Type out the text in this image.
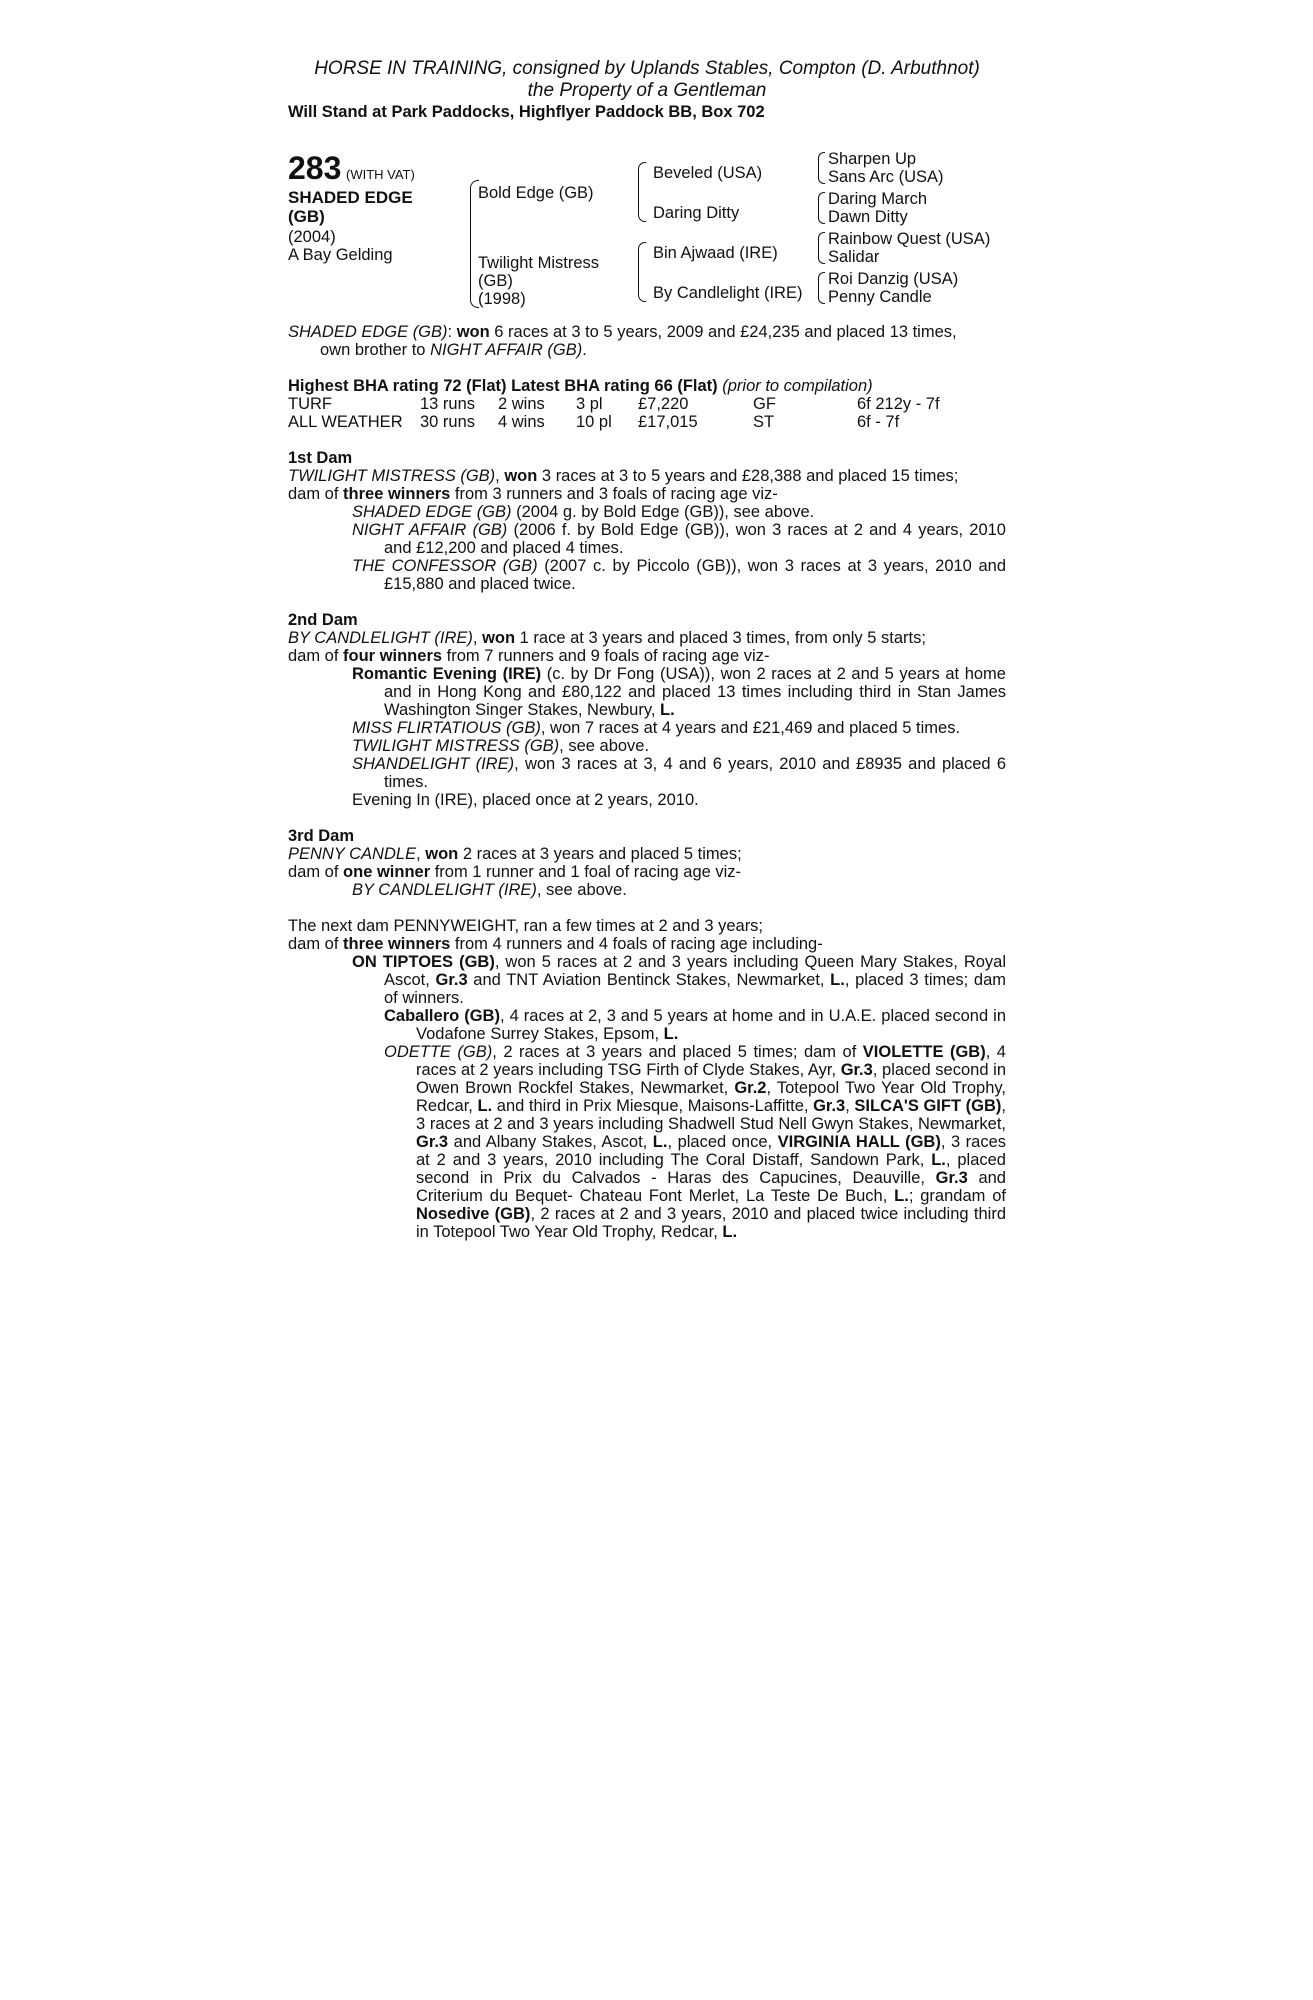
HORSE IN TRAINING, consigned by Uplands Stables, Compton (D. Arbuthnot)
the Property of a Gentleman
Will Stand at Park Paddocks, Highflyer Paddock BB, Box 702
283 (WITH VAT)
SHADED EDGE (GB)
(2004)
A Bay Gelding
Bold Edge (GB)
Twilight Mistress
(GB)
(1998)
Beveled (USA)
Daring Ditty
Bin Ajwaad (IRE)
By Candlelight (IRE)
Sharpen Up
Sans Arc (USA)
Daring March
Dawn Ditty
Rainbow Quest (USA)
Salidar
Roi Danzig (USA)
Penny Candle
SHADED EDGE (GB): won 6 races at 3 to 5 years, 2009 and £24,235 and placed 13 times,
own brother to NIGHT AFFAIR (GB).
Highest BHA rating 72 (Flat) Latest BHA rating 66 (Flat) (prior to compilation)
TURF	13 runs	2 wins	3 pl	£7,220	GF	6f 212y - 7f
ALL WEATHER	30 runs	4 wins	10 pl	£17,015	ST	6f - 7f
1st Dam
TWILIGHT MISTRESS (GB), won 3 races at 3 to 5 years and £28,388 and placed 15 times;
dam of three winners from 3 runners and 3 foals of racing age viz-
SHADED EDGE (GB) (2004 g. by Bold Edge (GB)), see above.
NIGHT AFFAIR (GB) (2006 f. by Bold Edge (GB)), won 3 races at 2 and 4 years, 2010 and £12,200 and placed 4 times.
THE CONFESSOR (GB) (2007 c. by Piccolo (GB)), won 3 races at 3 years, 2010 and £15,880 and placed twice.
2nd Dam
BY CANDLELIGHT (IRE), won 1 race at 3 years and placed 3 times, from only 5 starts;
dam of four winners from 7 runners and 9 foals of racing age viz-
Romantic Evening (IRE) (c. by Dr Fong (USA)), won 2 races at 2 and 5 years at home and in Hong Kong and £80,122 and placed 13 times including third in Stan James Washington Singer Stakes, Newbury, L.
MISS FLIRTATIOUS (GB), won 7 races at 4 years and £21,469 and placed 5 times.
TWILIGHT MISTRESS (GB), see above.
SHANDELIGHT (IRE), won 3 races at 3, 4 and 6 years, 2010 and £8935 and placed 6 times.
Evening In (IRE), placed once at 2 years, 2010.
3rd Dam
PENNY CANDLE, won 2 races at 3 years and placed 5 times;
dam of one winner from 1 runner and 1 foal of racing age viz-
BY CANDLELIGHT (IRE), see above.
The next dam PENNYWEIGHT, ran a few times at 2 and 3 years;
dam of three winners from 4 runners and 4 foals of racing age including-
ON TIPTOES (GB), won 5 races at 2 and 3 years including Queen Mary Stakes, Royal Ascot, Gr.3 and TNT Aviation Bentinck Stakes, Newmarket, L., placed 3 times; dam of winners.
Caballero (GB), 4 races at 2, 3 and 5 years at home and in U.A.E. placed second in Vodafone Surrey Stakes, Epsom, L.
ODETTE (GB), 2 races at 3 years and placed 5 times; dam of VIOLETTE (GB), 4 races at 2 years including TSG Firth of Clyde Stakes, Ayr, Gr.3, placed second in Owen Brown Rockfel Stakes, Newmarket, Gr.2, Totepool Two Year Old Trophy, Redcar, L. and third in Prix Miesque, Maisons-Laffitte, Gr.3, SILCA'S GIFT (GB), 3 races at 2 and 3 years including Shadwell Stud Nell Gwyn Stakes, Newmarket, Gr.3 and Albany Stakes, Ascot, L., placed once, VIRGINIA HALL (GB), 3 races at 2 and 3 years, 2010 including The Coral Distaff, Sandown Park, L., placed second in Prix du Calvados - Haras des Capucines, Deauville, Gr.3 and Criterium du Bequet- Chateau Font Merlet, La Teste De Buch, L.; grandam of Nosedive (GB), 2 races at 2 and 3 years, 2010 and placed twice including third in Totepool Two Year Old Trophy, Redcar, L.
